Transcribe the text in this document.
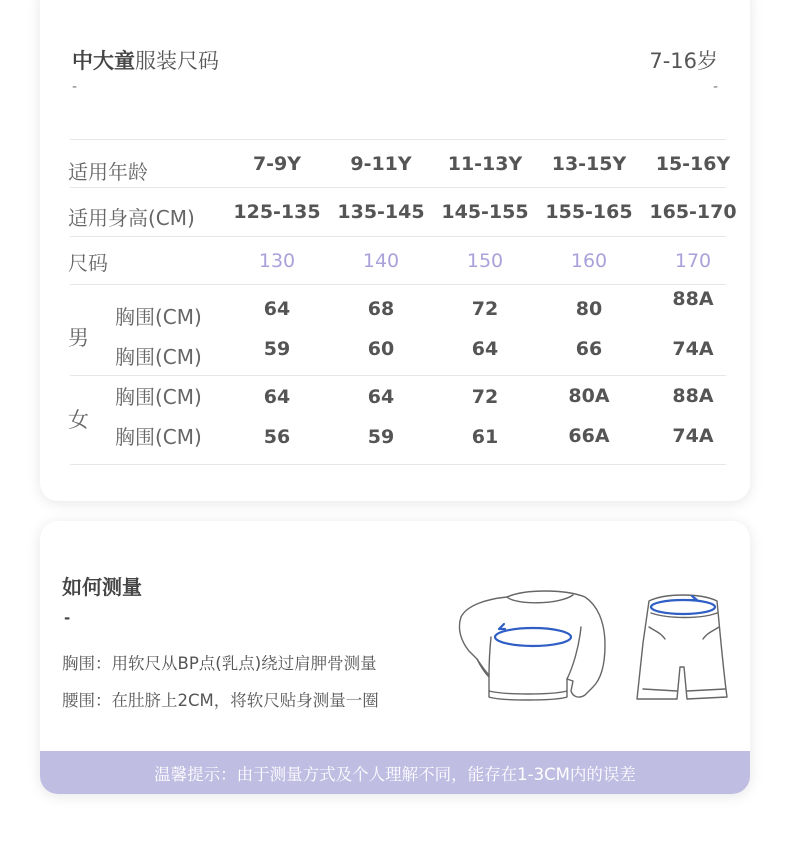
中大童服装尺码
-
7-16岁
-
适用年龄	7-9Y	9-11Y	11-13Y	13-15Y	15-16Y
适用身高(CM)	125-135 135-145 145-155 155-165 165-170
尺码	130	140	150	160	170
男
胸围(CM)	64	68	72	80	88A
胸围(CM)	59	60	64	66	74A
女
胸围(CM)	64	64	72	80A	88A
胸围(CM)	56	59	61	66A	74A
如何测量
-
胸围：用软尺从BP点(乳点)绕过肩胛骨测量
腰围：在肚脐上2CM，将软尺贴身测量一圈
温馨提示：由于测量方式及个人理解不同，能存在1-3CM内的误差
